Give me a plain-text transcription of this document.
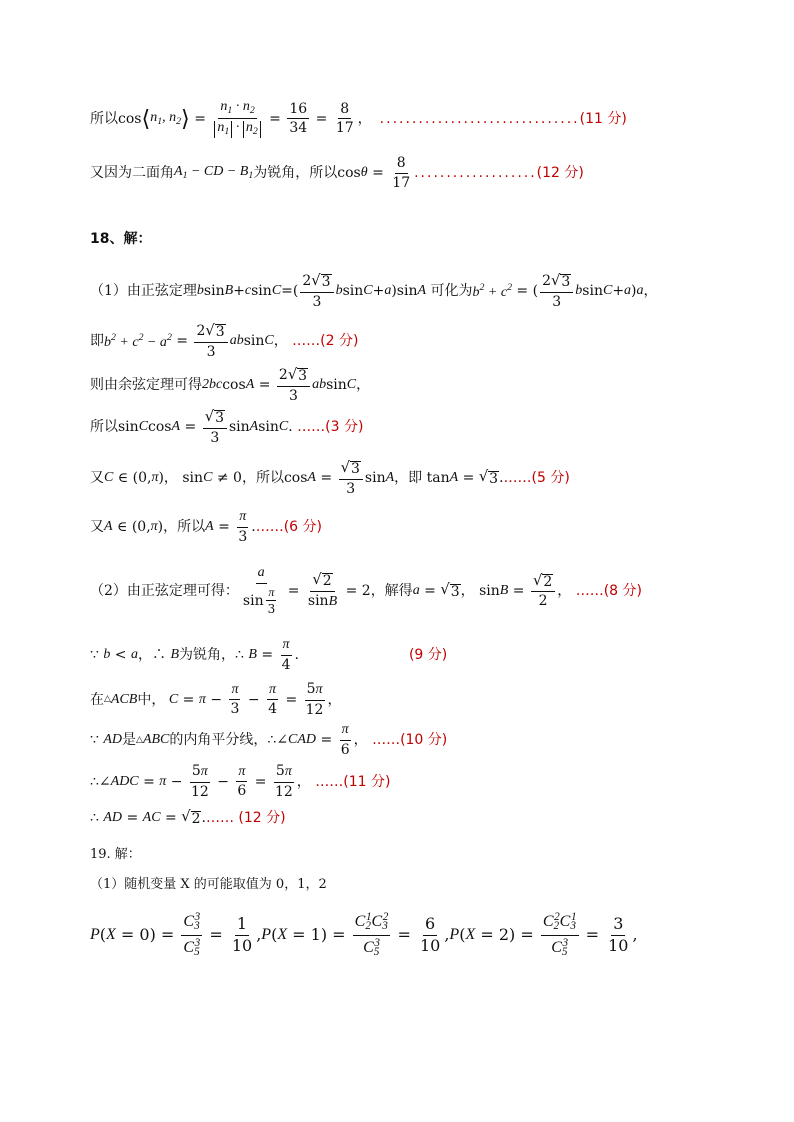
所以 cos ⟨ $n_1$, $n_2$ ⟩ = $\frac{n_1 \cdot n_2}{n_1 \cdot n_2} = \frac{16}{34} = \frac{8}{17}$ ， ............................... (11 分)
又因为二面角 $A_1$ − CD − $B_1$ 为锐角，所以 $\cos \theta = \frac{8}{17}$ ................... (12 分)
18、解：
（1）由正弦定理 b sin B + c sin C =(
2 √ 3
3
b sin C + a ) sin A
可化为 $b^2 + c^2$ = (
2 √ 3
3
b sin C + a ) a ，
即 $b^2 + c^2 - a^2 = \frac{2 √ 3}{3}$ ab sin C ， ……(2 分)
则由余弦定理可得 2bc $\cos A = \frac{2 √ 3}{3}$ ab sin C ，
所以 sin C $\cos A = \frac{√ 3}{3}$ sin A sin C . ……(3 分)
又 C ∈ (0, π ) ， sin C ≠ 0 ，所以 $\cos A = \frac{√ 3}{3}$ sin A ，即 tan A = √ 3 . ……(5 分)
又 A ∈ (0, π ) ，所以 $A = \frac{\pi}{3}$ . ……(6 分)
（2）由正弦定理可得： $\frac{a}{\sin \frac{\pi}{3}} = \frac{√ 2}{\sin B} = 2$ ，解得 a = √ 3 ， $\sin B = \frac{√ 2}{2}$ ， ……(8 分)
∵ b < a ，∴ B 为锐角， ∴ $B = \frac{\pi}{4}$ .	(9 分)
在 △ ACB 中， $C = \pi - \frac{\pi}{3} - \frac{\pi}{4} = \frac{5\pi}{12}$ ，
∵ AD 是 △ ABC 的内角平分线， ∴∠ CAD = $\frac{\pi}{6}$ ， ……(10 分)
∴∠ ADC = $\pi - \frac{5\pi}{12} - \frac{\pi}{6} = \frac{5\pi}{12}$ ， ……(11 分)
∴ AD = AC = √ 2 . …… (12 分)
19. 解：
（1）随机变量 X 的可能取值为 0，1，2
P ( $X = 0) = \frac{C_3^3}{C_5^3} = \frac{1}{10}$ , P ( $X = 1) = \frac{C_2^1C_3^2}{C_5^3} = \frac{6}{10}$ , P ( $X = 2) = \frac{C_2^2C_3^1}{C_5^3} = \frac{3}{10}$ ,
